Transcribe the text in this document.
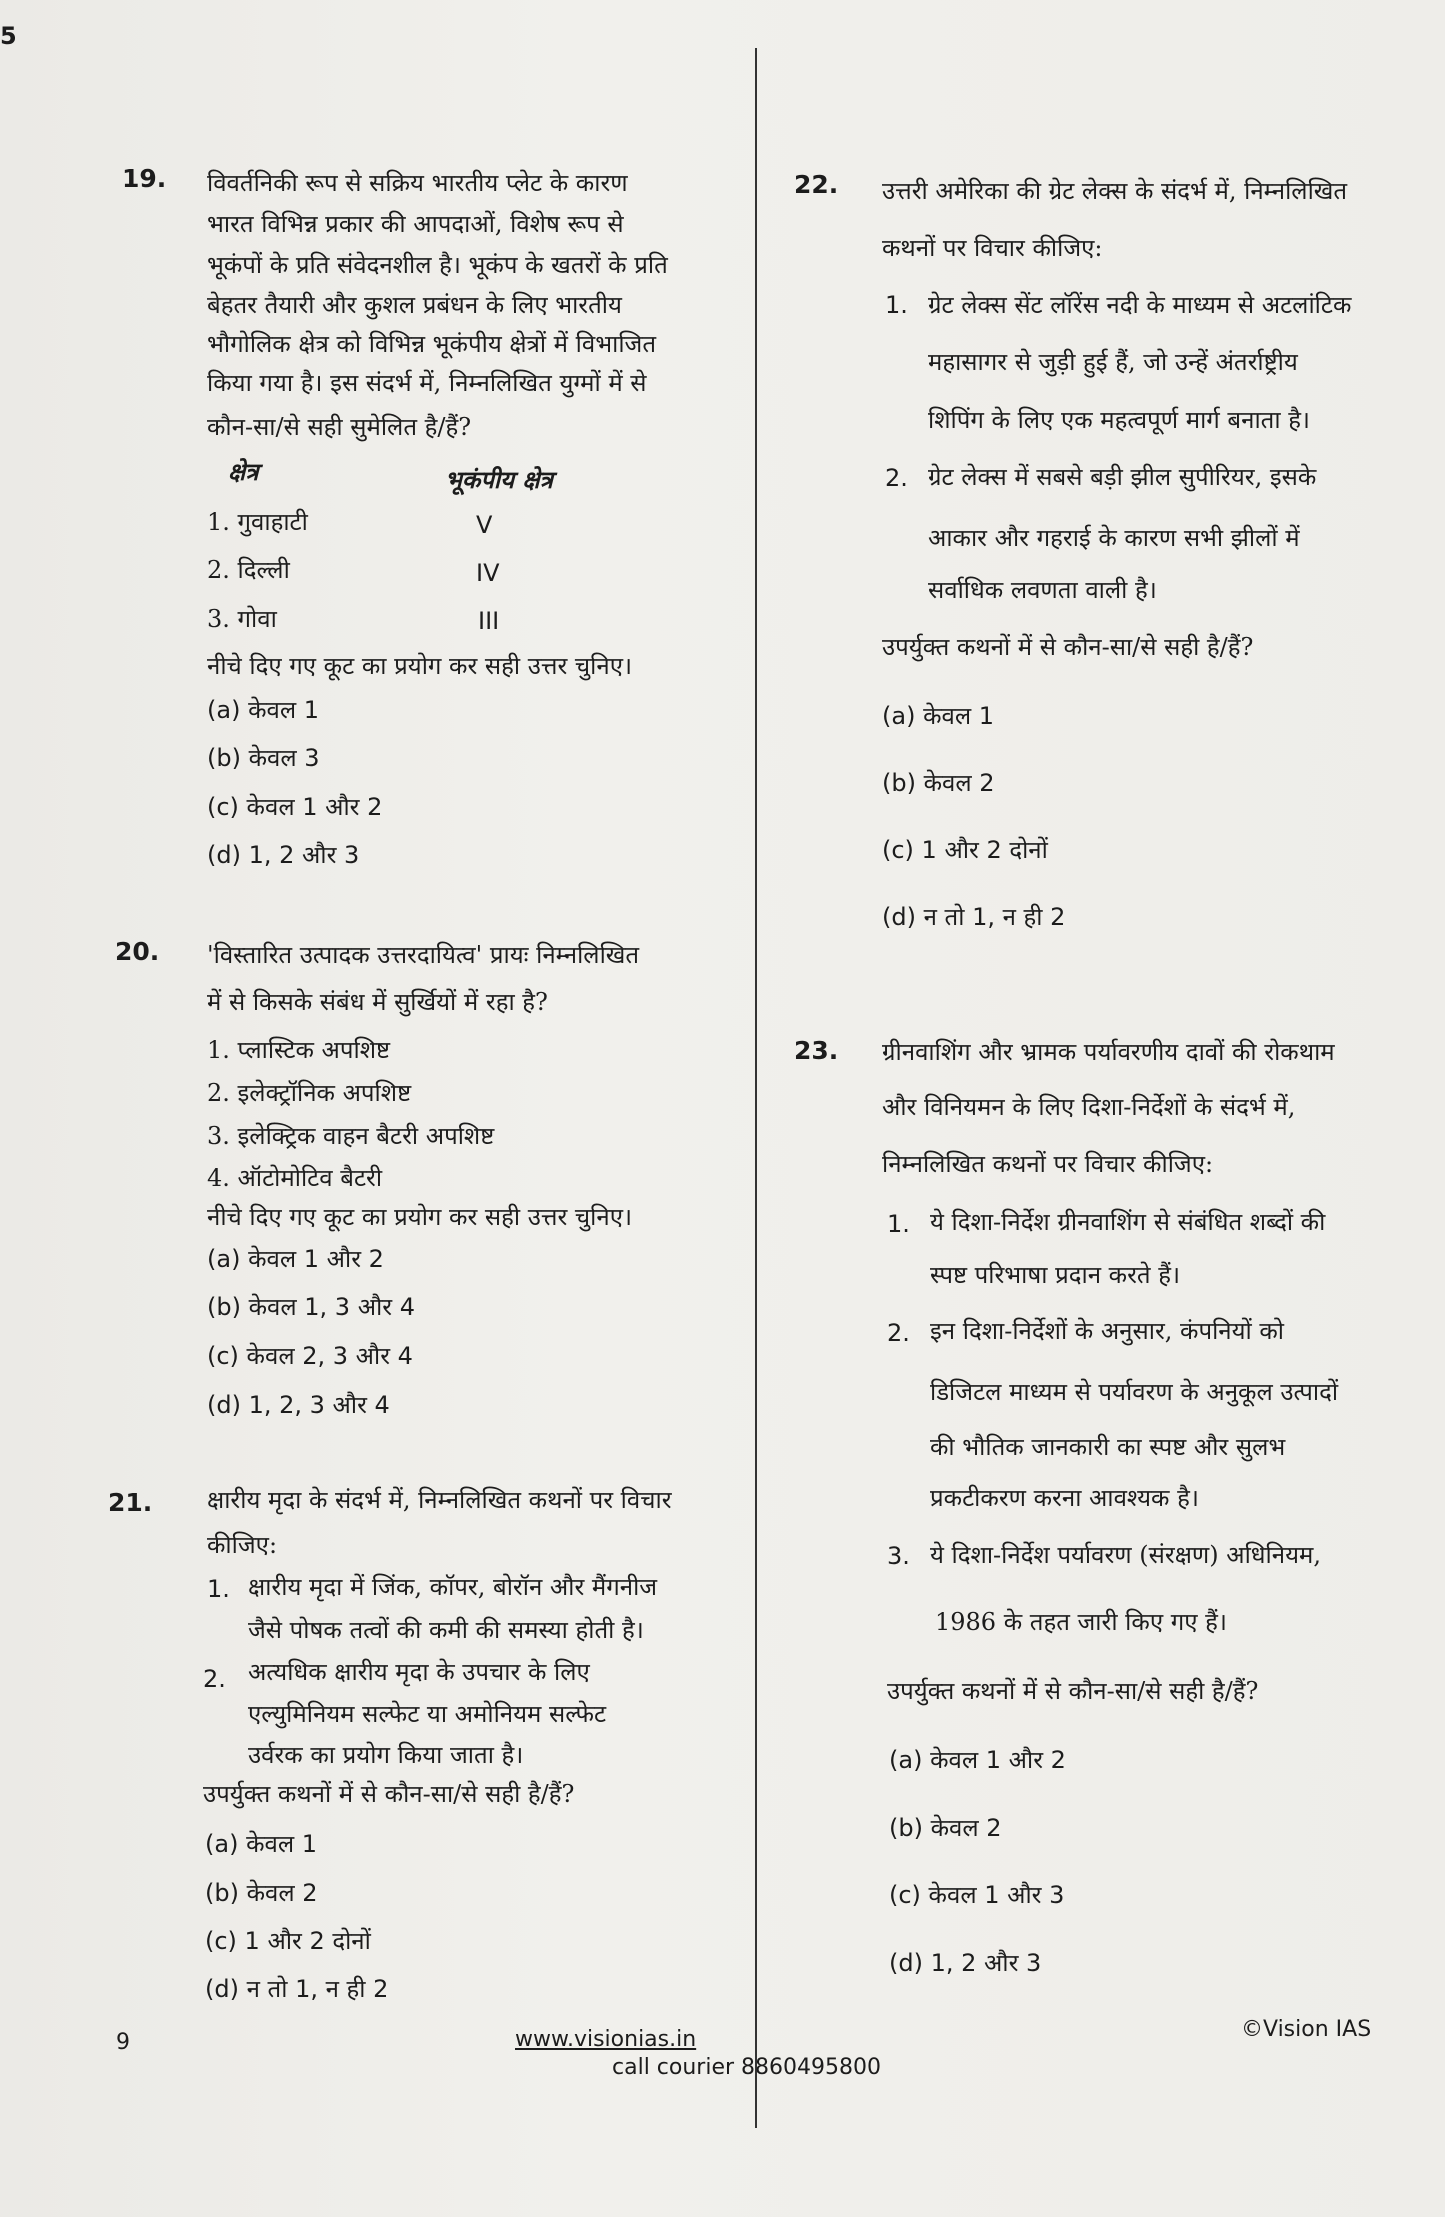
5
19. विवर्तनिकी रूप से सक्रिय भारतीय प्लेट के कारण
भारत विभिन्न प्रकार की आपदाओं, विशेष रूप से
भूकंपों के प्रति संवेदनशील है। भूकंप के खतरों के प्रति
बेहतर तैयारी और कुशल प्रबंधन के लिए भारतीय
भौगोलिक क्षेत्र को विभिन्न भूकंपीय क्षेत्रों में विभाजित
किया गया है। इस संदर्भ में, निम्नलिखित युग्मों में से
कौन-सा/से सही सुमेलित है/हैं?
क्षेत्र	भूकंपीय क्षेत्र
1. गुवाहाटी	V
2. दिल्ली	IV
3. गोवा	III
नीचे दिए गए कूट का प्रयोग कर सही उत्तर चुनिए।
(a) केवल 1
(b) केवल 3
(c) केवल 1 और 2
(d) 1, 2 और 3
20. 'विस्तारित उत्पादक उत्तरदायित्व' प्रायः निम्नलिखित
में से किसके संबंध में सुर्खियों में रहा है?
1. प्लास्टिक अपशिष्ट
2. इलेक्ट्रॉनिक अपशिष्ट
3. इलेक्ट्रिक वाहन बैटरी अपशिष्ट
4. ऑटोमोटिव बैटरी
नीचे दिए गए कूट का प्रयोग कर सही उत्तर चुनिए।
(a) केवल 1 और 2
(b) केवल 1, 3 और 4
(c) केवल 2, 3 और 4
(d) 1, 2, 3 और 4
21. क्षारीय मृदा के संदर्भ में, निम्नलिखित कथनों पर विचार
कीजिए:
1. क्षारीय मृदा में जिंक, कॉपर, बोरॉन और मैंगनीज
जैसे पोषक तत्वों की कमी की समस्या होती है।
2. अत्यधिक क्षारीय मृदा के उपचार के लिए
एल्युमिनियम सल्फेट या अमोनियम सल्फेट
उर्वरक का प्रयोग किया जाता है।
उपर्युक्त कथनों में से कौन-सा/से सही है/हैं?
(a) केवल 1
(b) केवल 2
(c) 1 और 2 दोनों
(d) न तो 1, न ही 2
22. उत्तरी अमेरिका की ग्रेट लेक्स के संदर्भ में, निम्नलिखित
कथनों पर विचार कीजिए:
1. ग्रेट लेक्स सेंट लॉरेंस नदी के माध्यम से अटलांटिक
महासागर से जुड़ी हुई हैं, जो उन्हें अंतर्राष्ट्रीय
शिपिंग के लिए एक महत्वपूर्ण मार्ग बनाता है।
2. ग्रेट लेक्स में सबसे बड़ी झील सुपीरियर, इसके
आकार और गहराई के कारण सभी झीलों में
सर्वाधिक लवणता वाली है।
उपर्युक्त कथनों में से कौन-सा/से सही है/हैं?
(a) केवल 1
(b) केवल 2
(c) 1 और 2 दोनों
(d) न तो 1, न ही 2
23. ग्रीनवाशिंग और भ्रामक पर्यावरणीय दावों की रोकथाम
और विनियमन के लिए दिशा-निर्देशों के संदर्भ में,
निम्नलिखित कथनों पर विचार कीजिए:
1. ये दिशा-निर्देश ग्रीनवाशिंग से संबंधित शब्दों की
स्पष्ट परिभाषा प्रदान करते हैं।
2. इन दिशा-निर्देशों के अनुसार, कंपनियों को
डिजिटल माध्यम से पर्यावरण के अनुकूल उत्पादों
की भौतिक जानकारी का स्पष्ट और सुलभ
प्रकटीकरण करना आवश्यक है।
3. ये दिशा-निर्देश पर्यावरण (संरक्षण) अधिनियम,
1986 के तहत जारी किए गए हैं।
उपर्युक्त कथनों में से कौन-सा/से सही है/हैं?
(a) केवल 1 और 2
(b) केवल 2
(c) केवल 1 और 3
(d) 1, 2 और 3
9	www.visionias.in
call courier 8860495800
©Vision IAS
